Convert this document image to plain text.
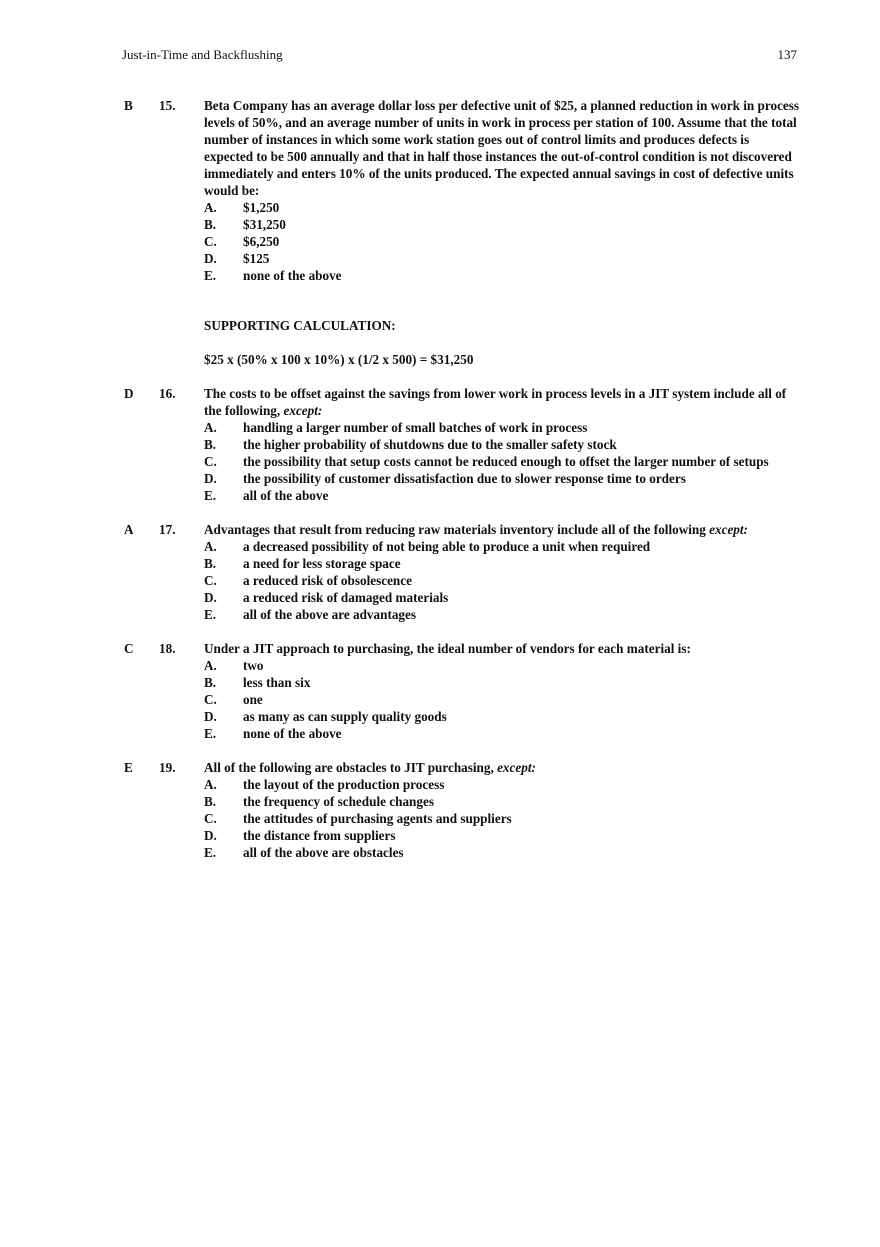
Just-in-Time and Backflushing	137
B 15. Beta Company has an average dollar loss per defective unit of $25, a planned reduction in work in process levels of 50%, and an average number of units in work in process per station of 100. Assume that the total number of instances in which some work station goes out of control limits and produces defects is expected to be 500 annually and that in half those instances the out-of-control condition is not discovered immediately and enters 10% of the units produced. The expected annual savings in cost of defective units would be:

A.	$1,250
B.	$31,250
C.	$6,250
D.	$125
E.	none of the above
SUPPORTING CALCULATION:
$25 x (50% x 100 x 10%) x (1/2 x 500) = $31,250
D 16. The costs to be offset against the savings from lower work in process levels in a JIT system include all of the following, except:

A.	handling a larger number of small batches of work in process
B.	the higher probability of shutdowns due to the smaller safety stock
C.	the possibility that setup costs cannot be reduced enough to offset the larger number of setups
D.	the possibility of customer dissatisfaction due to slower response time to orders
E.	all of the above
A 17. Advantages that result from reducing raw materials inventory include all of the following except:

A.	a decreased possibility of not being able to produce a unit when required
B.	a need for less storage space
C.	a reduced risk of obsolescence
D.	a reduced risk of damaged materials
E.	all of the above are advantages
C 18. Under a JIT approach to purchasing, the ideal number of vendors for each material is:

A.	two
B.	less than six
C.	one
D.	as many as can supply quality goods
E.	none of the above
E 19. All of the following are obstacles to JIT purchasing, except:

A.	the layout of the production process
B.	the frequency of schedule changes
C.	the attitudes of purchasing agents and suppliers
D.	the distance from suppliers
E.	all of the above are obstacles
